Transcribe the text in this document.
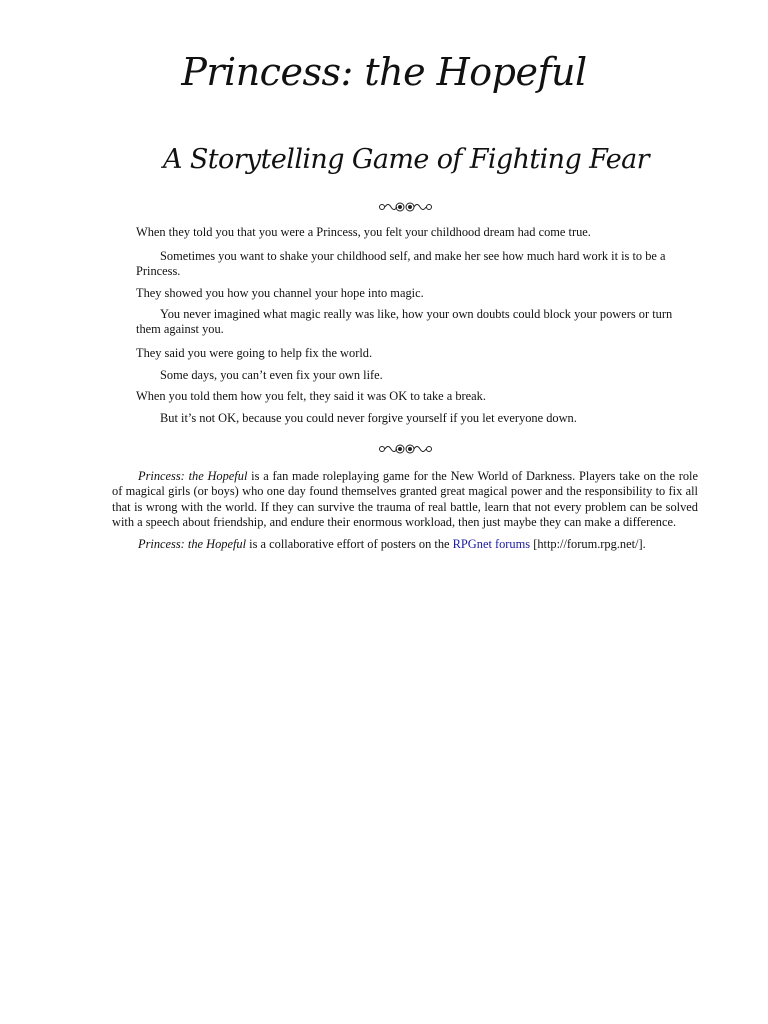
Princess: the Hopeful
A Storytelling Game of Fighting Fear

When they told you that you were a Princess, you felt your childhood dream had come true.

Sometimes you want to shake your childhood self, and make her see how much hard work it is to be a Princess.

They showed you how you channel your hope into magic.

You never imagined what magic really was like, how your own doubts could block your powers or turn them against you.

They said you were going to help fix the world.

Some days, you can’t even fix your own life.

When you told them how you felt, they said it was OK to take a break.

But it’s not OK, because you could never forgive yourself if you let everyone down.

Princess: the Hopeful is a fan made roleplaying game for the New World of Darkness. Players take on the role of magical girls (or boys) who one day found themselves granted great magical power and the responsibility to fix all that is wrong with the world. If they can survive the trauma of real battle, learn that not every problem can be solved with a speech about friendship, and endure their enormous workload, then just maybe they can make a difference.

Princess: the Hopeful is a collaborative effort of posters on the RPGnet forums [http://forum.rpg.net/].
